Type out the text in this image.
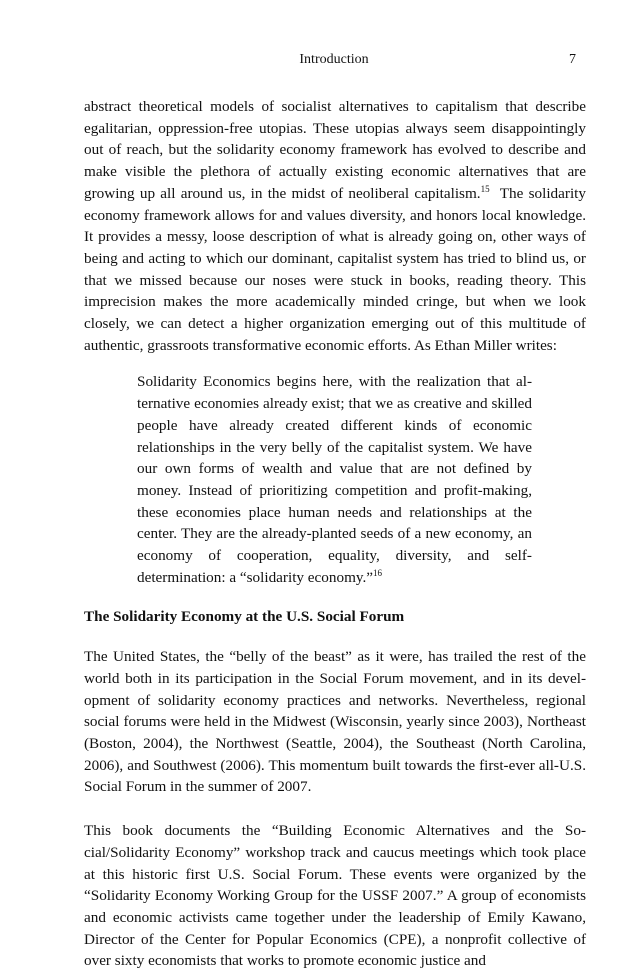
Introduction	7

abstract theoretical models of socialist alternatives to capitalism that describe egalitarian, oppression-free utopias. These utopias always seem disappointingly out of reach, but the solidarity economy framework has evolved to describe and make visible the plethora of actually existing economic alternatives that are growing up all around us, in the midst of neoliberal capitalism.$^{15}$ The solidarity economy framework allows for and values diversity, and honors local knowledge. It provides a messy, loose description of what is already going on, other ways of being and acting to which our dominant, capitalist system has tried to blind us, or that we missed because our noses were stuck in books, reading theory. This imprecision makes the more academically minded cringe, but when we look closely, we can detect a higher organization emerging out of this multitude of authentic, grassroots transformative economic efforts. As Ethan Miller writes:

Solidarity Economics begins here, with the realization that alternative economies already exist; that we as creative and skilled people have already created different kinds of economic relationships in the very belly of the capitalist system. We have our own forms of wealth and value that are not defined by money. Instead of prioritizing competition and profit-making, these economies place human needs and relationships at the center. They are the already-planted seeds of a new economy, an economy of cooperation, equality, diversity, and self-determination: a “solidarity economy.”$^{16}$

The Solidarity Economy at the U.S. Social Forum

The United States, the “belly of the beast” as it were, has trailed the rest of the world both in its participation in the Social Forum movement, and in its development of solidarity economy practices and networks. Nevertheless, regional social forums were held in the Midwest (Wisconsin, yearly since 2003), Northeast (Boston, 2004), the Northwest (Seattle, 2004), the Southeast (North Carolina, 2006), and Southwest (2006). This momentum built towards the first-ever all-U.S. Social Forum in the summer of 2007.

This book documents the “Building Economic Alternatives and the Social/Solidarity Economy” workshop track and caucus meetings which took place at this historic first U.S. Social Forum. These events were organized by the “Solidarity Economy Working Group for the USSF 2007.” A group of economists and economic activists came together under the leadership of Emily Kawano, Director of the Center for Popular Economics (CPE), a nonprofit collective of over sixty economists that works to promote economic justice and
